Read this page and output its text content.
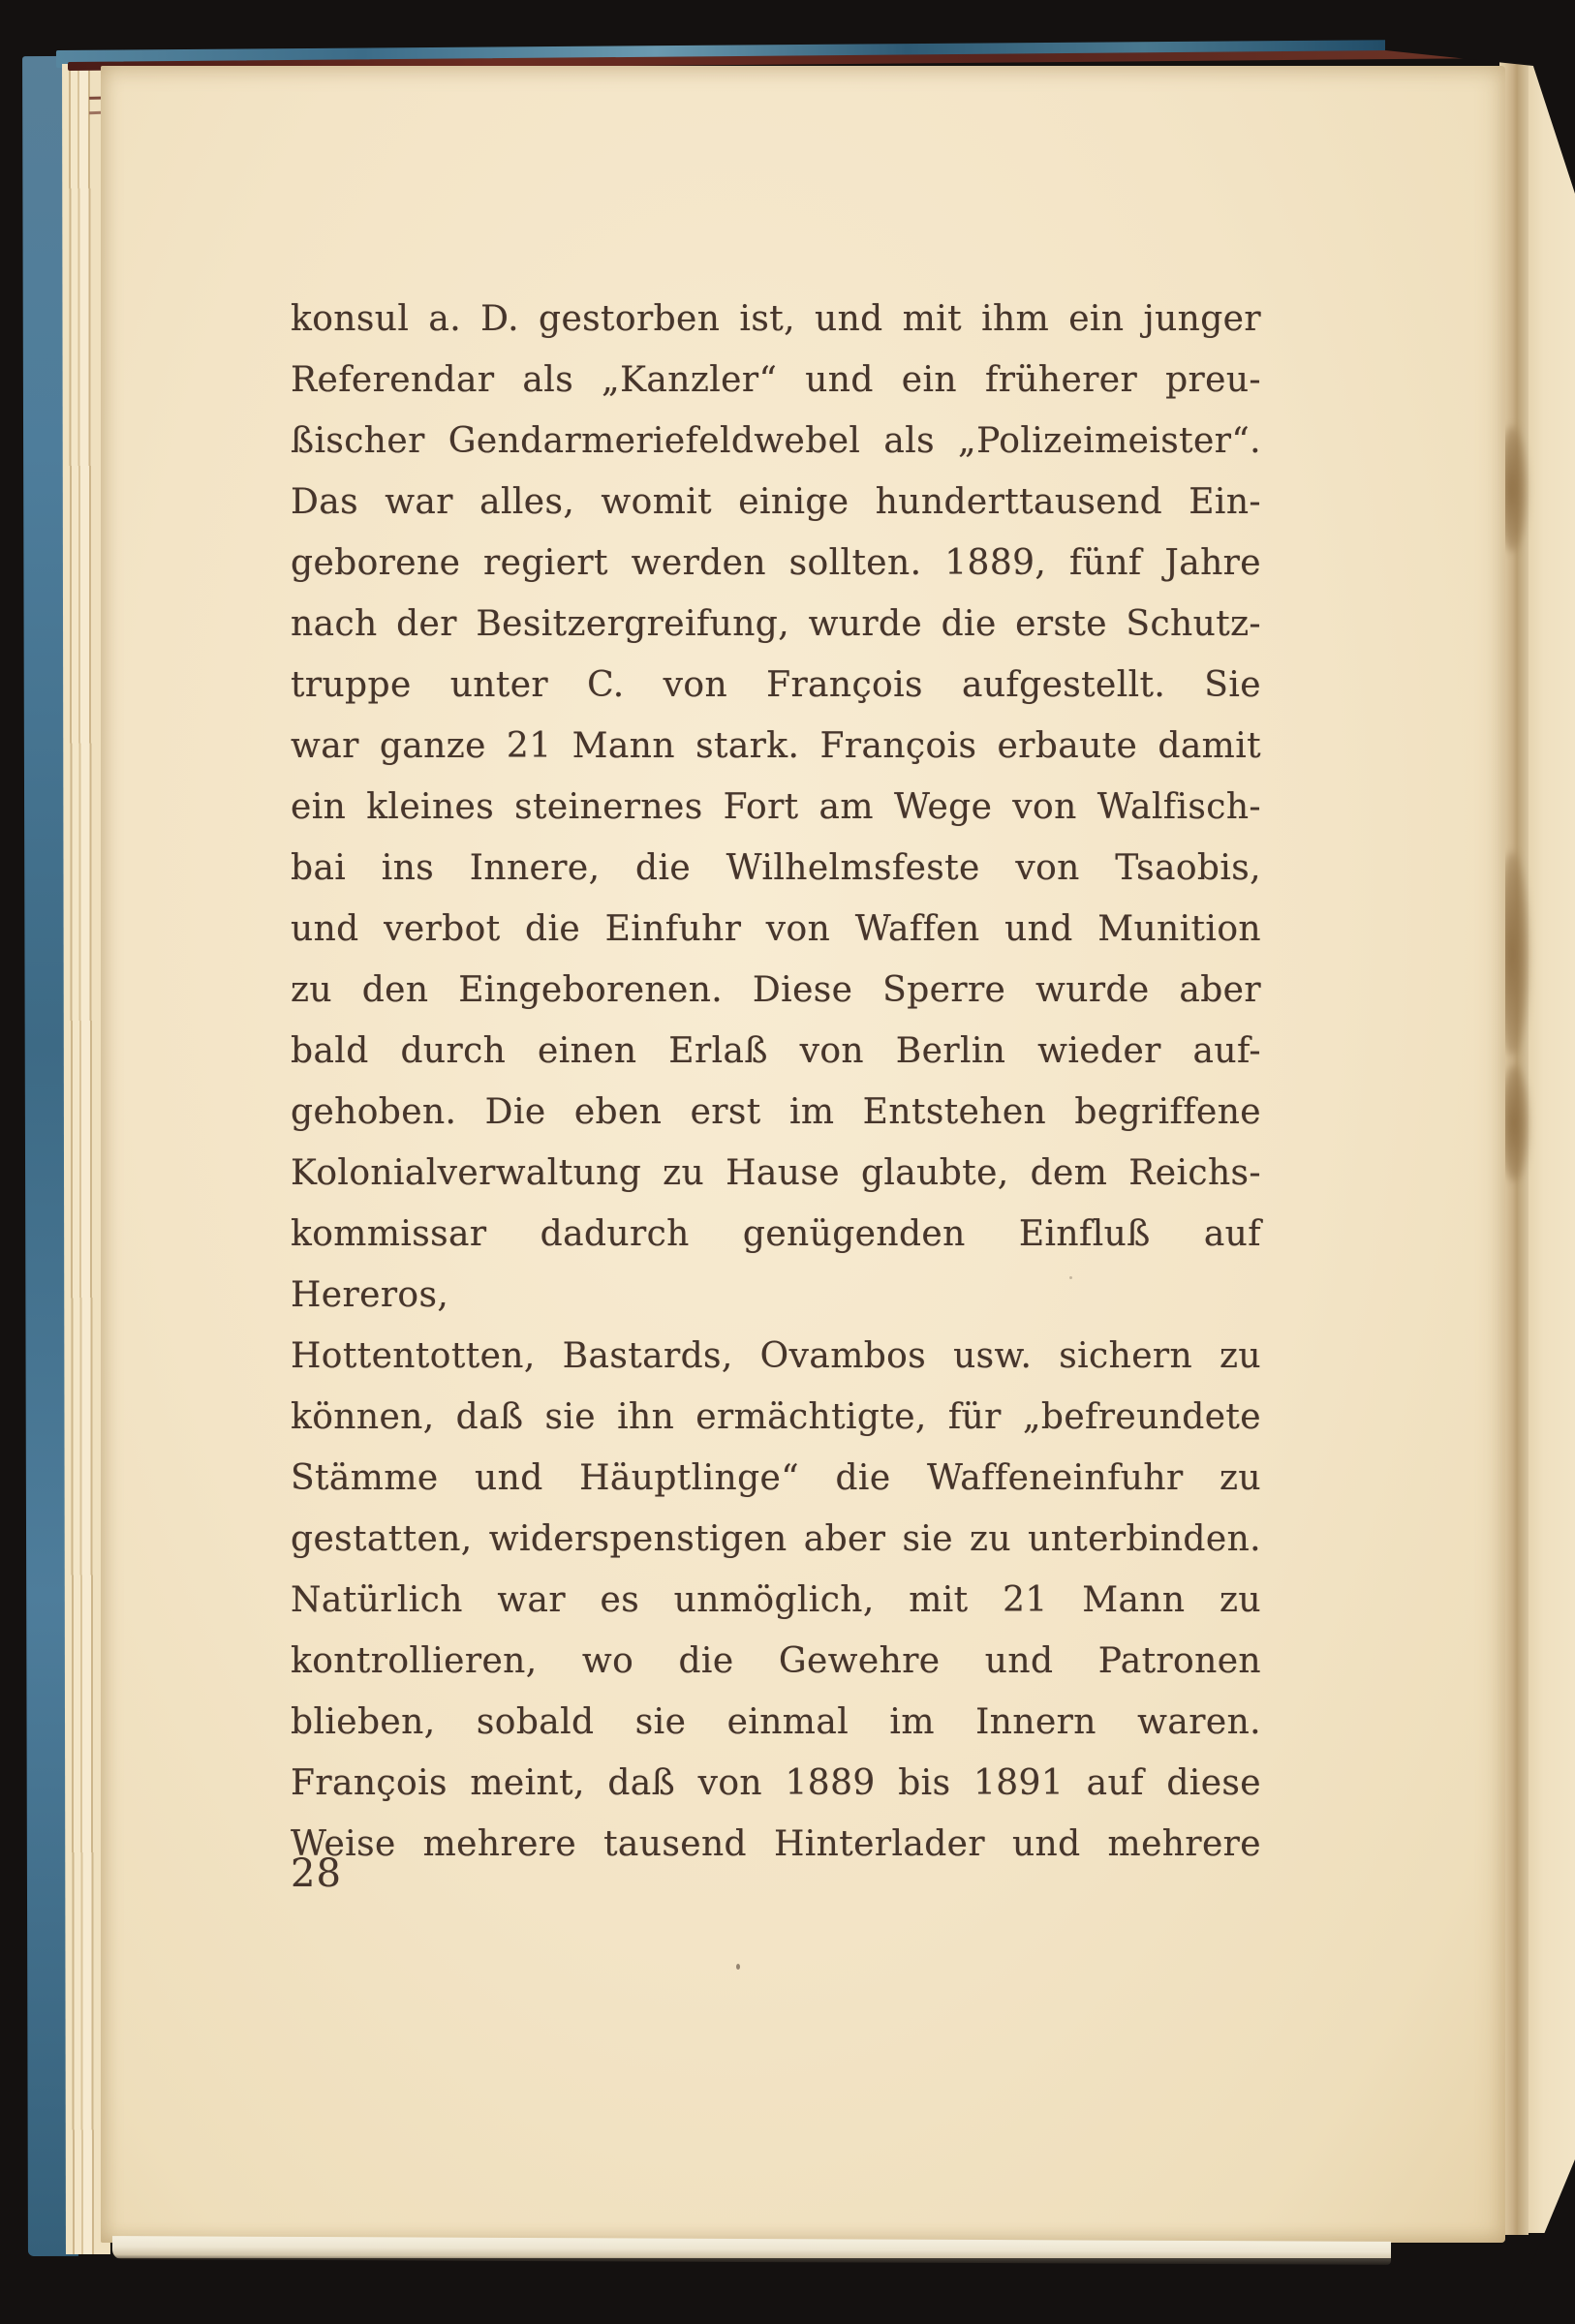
konsul a. D. gestorben ist, und mit ihm ein junger
Referendar als „Kanzler“ und ein früherer preu-
ßischer Gendarmeriefeldwebel als „Polizeimeister“.
Das war alles, womit einige hunderttausend Ein-
geborene regiert werden sollten. 1889, fünf Jahre
nach der Besitzergreifung, wurde die erste Schutz-
truppe unter C. von François aufgestellt. Sie
war ganze 21 Mann stark. François erbaute damit
ein kleines steinernes Fort am Wege von Walfisch-
bai ins Innere, die Wilhelmsfeste von Tsaobis,
und verbot die Einfuhr von Waffen und Munition
zu den Eingeborenen. Diese Sperre wurde aber
bald durch einen Erlaß von Berlin wieder auf-
gehoben. Die eben erst im Entstehen begriffene
Kolonialverwaltung zu Hause glaubte, dem Reichs-
kommissar dadurch genügenden Einfluß auf Hereros,
Hottentotten, Bastards, Ovambos usw. sichern zu
können, daß sie ihn ermächtigte, für „befreundete
Stämme und Häuptlinge“ die Waffeneinfuhr zu
gestatten, widerspenstigen aber sie zu unterbinden.
Natürlich war es unmöglich, mit 21 Mann zu
kontrollieren, wo die Gewehre und Patronen
blieben, sobald sie einmal im Innern waren.
François meint, daß von 1889 bis 1891 auf diese
Weise mehrere tausend Hinterlader und mehrere
28
